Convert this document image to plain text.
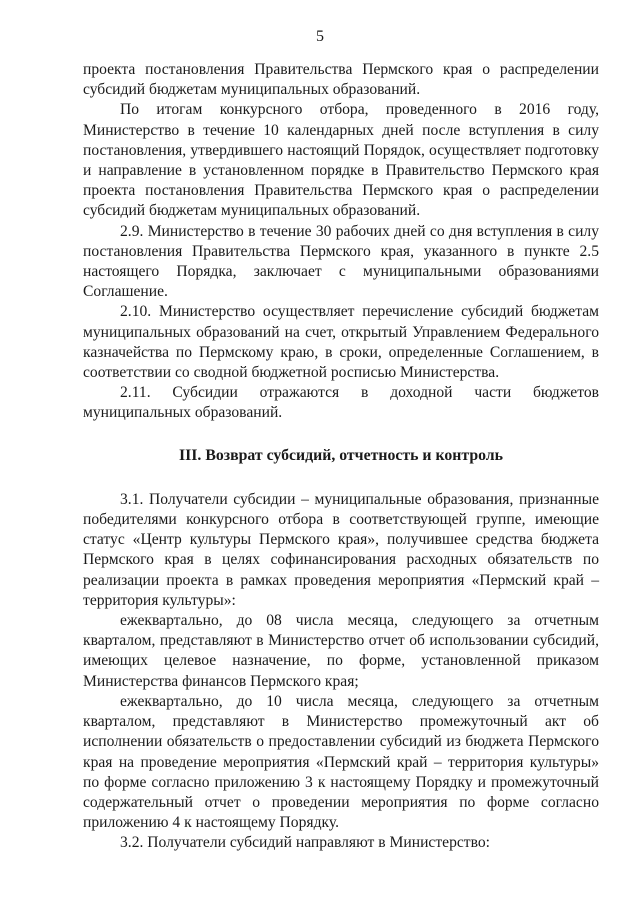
5

проекта постановления Правительства Пермского края о распределении субсидий бюджетам муниципальных образований.

По итогам конкурсного отбора, проведенного в 2016 году, Министерство в течение 10 календарных дней после вступления в силу постановления, утвердившего настоящий Порядок, осуществляет подготовку и направление в установленном порядке в Правительство Пермского края проекта постановления Правительства Пермского края о распределении субсидий бюджетам муниципальных образований.

2.9. Министерство в течение 30 рабочих дней со дня вступления в силу постановления Правительства Пермского края, указанного в пункте 2.5 настоящего Порядка, заключает с муниципальными образованиями Соглашение.

2.10. Министерство осуществляет перечисление субсидий бюджетам муниципальных образований на счет, открытый Управлением Федерального казначейства по Пермскому краю, в сроки, определенные Соглашением, в соответствии со сводной бюджетной росписью Министерства.

2.11. Субсидии отражаются в доходной части бюджетов муниципальных образований.

III. Возврат субсидий, отчетность и контроль

3.1. Получатели субсидии – муниципальные образования, признанные победителями конкурсного отбора в соответствующей группе, имеющие статус «Центр культуры Пермского края», получившее средства бюджета Пермского края в целях софинансирования расходных обязательств по реализации проекта в рамках проведения мероприятия «Пермский край – территория культуры»:

ежеквартально, до 08 числа месяца, следующего за отчетным кварталом, представляют в Министерство отчет об использовании субсидий, имеющих целевое назначение, по форме, установленной приказом Министерства финансов Пермского края;

ежеквартально, до 10 числа месяца, следующего за отчетным кварталом, представляют в Министерство промежуточный акт об исполнении обязательств о предоставлении субсидий из бюджета Пермского края на проведение мероприятия «Пермский край – территория культуры» по форме согласно приложению 3 к настоящему Порядку и промежуточный содержательный отчет о проведении мероприятия по форме согласно приложению 4 к настоящему Порядку.

3.2. Получатели субсидий направляют в Министерство:
